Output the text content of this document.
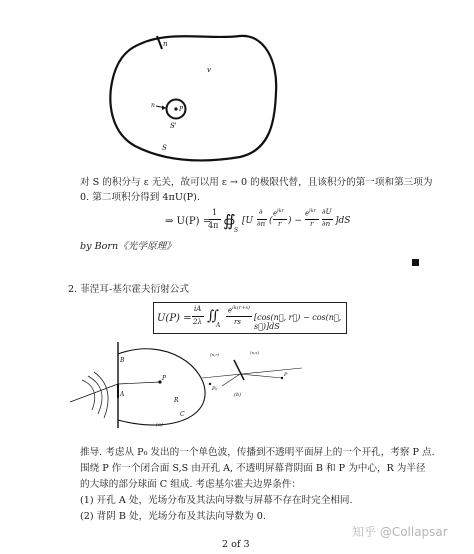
n
v
n
P
S'
S
对 S 的积分与 ε 无关，故可以用 ε → 0 的极限代替，且该积分的第一项和第三项为
0. 第二项积分得到 4πU(P).
⇒ U(P) =
1
4π ∯
S
[U
∂
∂n (
$e^{ikr}$
r ) −
$e^{ikr}$
r
∂U
∂n ]dS
by Born《光学原理》
2. 菲涅耳-基尔霍夫衍射公式
U(P) =
iA
2λ ∬
A
$e^{ik(r+s)}$
rs [cos(n⃗, r⃗) − cos(n⃗, s⃗)]dS
B
A
P
R
C
(a)
(n,r)	(n,s)
P₀
P
(b)
推导. 考虑从 P₀ 发出的一个单色波，传播到不透明平面屏上的一个开孔，考察 P 点.
围绕 P 作一个闭合面 S,S 由开孔 A, 不透明屏幕背阴面 B 和 P 为中心，R 为半径
的大球的部分球面 C 组成. 考虑基尔霍夫边界条件：
(1) 开孔 A 处，光场分布及其法向导数与屏幕不存在时完全相同.
(2) 背阴 B 处，光场分布及其法向导数为 0.
2 of 3
知乎 @Collapsar
